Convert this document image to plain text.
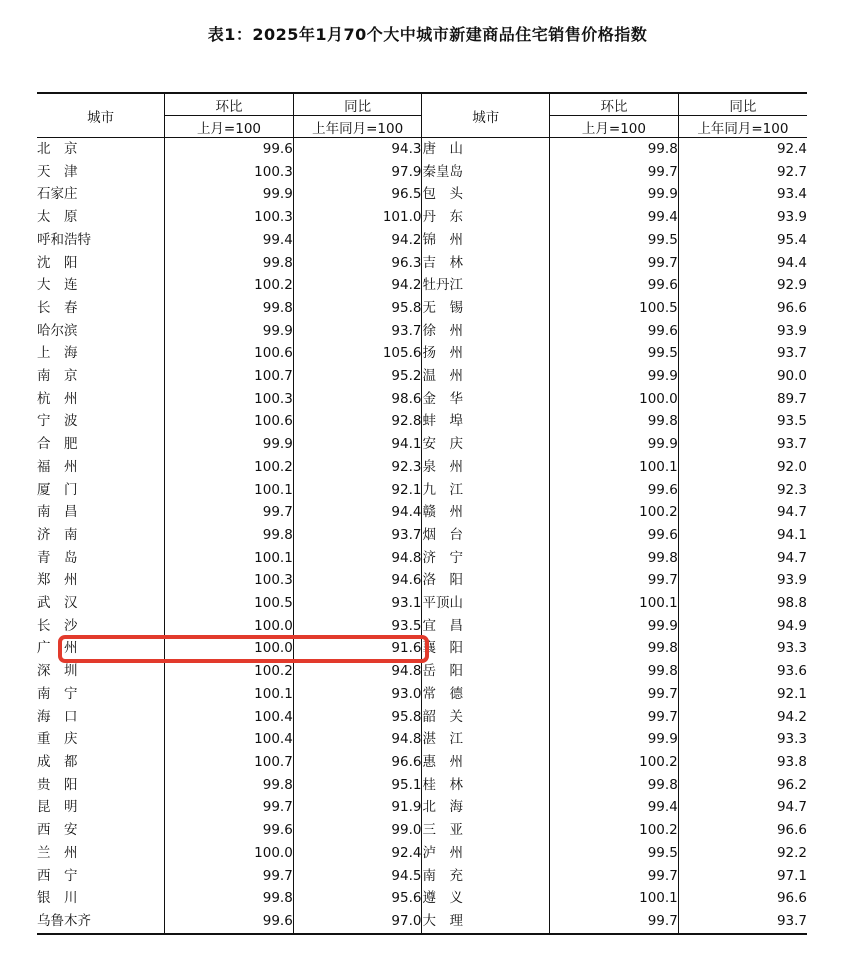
表1：2025年1月70个大中城市新建商品住宅销售价格指数
城市	环比	同比	城市	环比	同比
	上月=100	上年同月=100		上月=100	上年同月=100
北　京	99.6	94.3	唐　山	99.8	92.4
天　津	100.3	97.9	秦皇岛	99.7	92.7
石家庄	99.9	96.5	包　头	99.9	93.4
太　原	100.3	101.0	丹　东	99.4	93.9
呼和浩特	99.4	94.2	锦　州	99.5	95.4
沈　阳	99.8	96.3	吉　林	99.7	94.4
大　连	100.2	94.2	牡丹江	99.6	92.9
长　春	99.8	95.8	无　锡	100.5	96.6
哈尔滨	99.9	93.7	徐　州	99.6	93.9
上　海	100.6	105.6	扬　州	99.5	93.7
南　京	100.7	95.2	温　州	99.9	90.0
杭　州	100.3	98.6	金　华	100.0	89.7
宁　波	100.6	92.8	蚌　埠	99.8	93.5
合　肥	99.9	94.1	安　庆	99.9	93.7
福　州	100.2	92.3	泉　州	100.1	92.0
厦　门	100.1	92.1	九　江	99.6	92.3
南　昌	99.7	94.4	赣　州	100.2	94.7
济　南	99.8	93.7	烟　台	99.6	94.1
青　岛	100.1	94.8	济　宁	99.8	94.7
郑　州	100.3	94.6	洛　阳	99.7	93.9
武　汉	100.5	93.1	平顶山	100.1	98.8
长　沙	100.0	93.5	宜　昌	99.9	94.9
广　州	100.0	91.6	襄　阳	99.8	93.3
深　圳	100.2	94.8	岳　阳	99.8	93.6
南　宁	100.1	93.0	常　德	99.7	92.1
海　口	100.4	95.8	韶　关	99.7	94.2
重　庆	100.4	94.8	湛　江	99.9	93.3
成　都	100.7	96.6	惠　州	100.2	93.8
贵　阳	99.8	95.1	桂　林	99.8	96.2
昆　明	99.7	91.9	北　海	99.4	94.7
西　安	99.6	99.0	三　亚	100.2	96.6
兰　州	100.0	92.4	泸　州	99.5	92.2
西　宁	99.7	94.5	南　充	99.7	97.1
银　川	99.8	95.6	遵　义	100.1	96.6
乌鲁木齐	99.6	97.0	大　理	99.7	93.7
